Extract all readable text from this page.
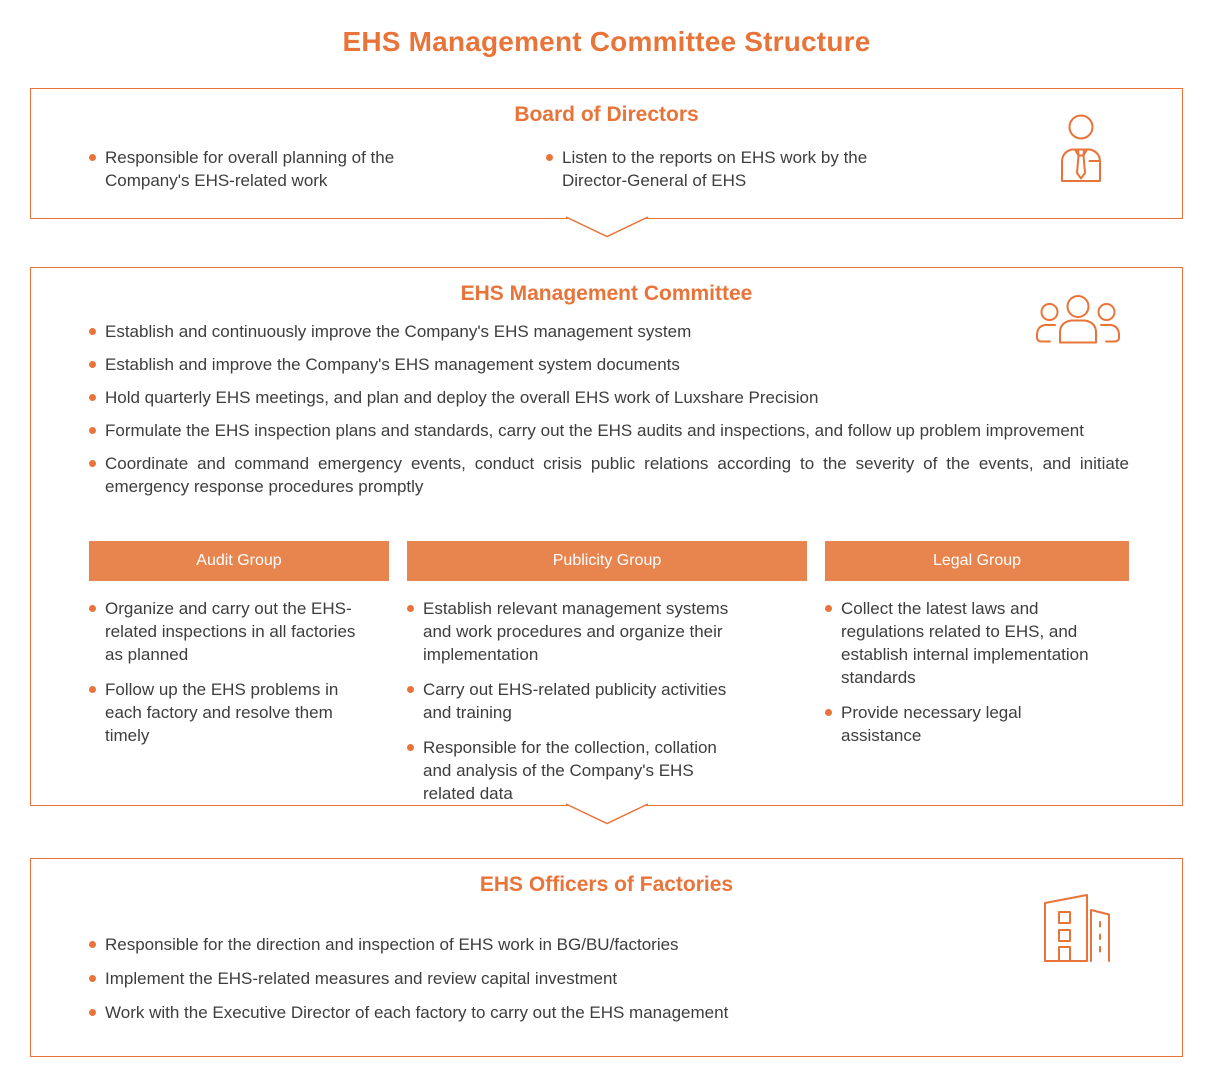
EHS Management Committee Structure
Board of Directors
Responsible for overall planning of the Company's EHS-related work
Listen to the reports on EHS work by the Director-General of EHS
EHS Management Committee
Establish and continuously improve the Company's EHS management system
Establish and improve the Company's EHS management system documents
Hold quarterly EHS meetings, and plan and deploy the overall EHS work of Luxshare Precision
Formulate the EHS inspection plans and standards, carry out the EHS audits and inspections, and follow up problem improvement
Coordinate and command emergency events, conduct crisis public relations according to the severity of the events, and initiate emergency response procedures promptly
Audit Group
Organize and carry out the EHS-related inspections in all factories as planned
Follow up the EHS problems in each factory and resolve them timely
Publicity Group
Establish relevant management systems and work procedures and organize their implementation
Carry out EHS-related publicity activities and training
Responsible for the collection, collation and analysis of the Company's EHS related data
Legal Group
Collect the latest laws and regulations related to EHS, and establish internal implementation standards
Provide necessary legal assistance
EHS Officers of Factories
Responsible for the direction and inspection of EHS work in BG/BU/factories
Implement the EHS-related measures and review capital investment
Work with the Executive Director of each factory to carry out the EHS management
